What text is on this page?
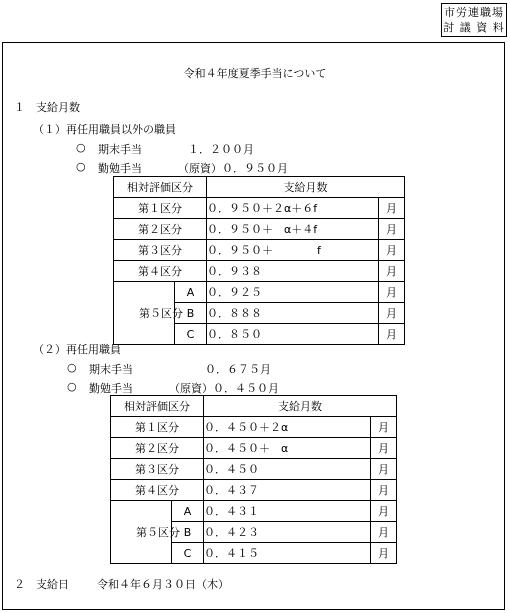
市労連職場
討 議 資 料
令和４年度夏季手当について
１　支給月数
（１）再任用職員以外の職員
○ 期末手当	１．２００月
○ 勤勉手当	（原資）０．９５０月
相対評価区分		支給月数	
第１区分		０．９５０＋２α＋６f	月
第２区分		０．９５０＋　α＋４f	月
第３区分		０．９５０＋　　　　f	月
第４区分		０．９３８	月
第５区分	A	０．９２５	月
	B	０．８８８	月
	C	０．８５０	月
（２）再任用職員
○ 期末手当	０．６７５月
○ 勤勉手当	（原資）０．４５０月
相対評価区分		支給月数	
第１区分		０．４５０＋２α	月
第２区分		０．４５０＋　α	月
第３区分		０．４５０	月
第４区分		０．４３７	月
第５区分	A	０．４３１	月
	B	０．４２３	月
	C	０．４１５	月
２　支給日	令和４年６月３０日（木）
